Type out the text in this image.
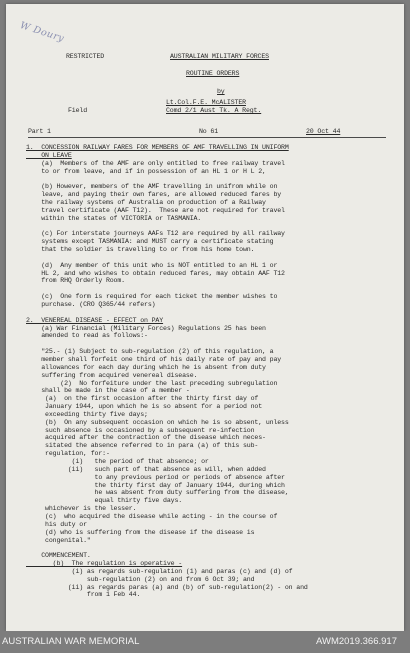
W Doury
RESTRICTED	AUSTRALIAN MILITARY FORCES
ROUTINE ORDERS
by
Lt.Col.F.E. McALISTER
Field	Comd 2/1 Aust Tk. A Regt.
Part 1	No 61	20 Oct 44
1.  CONCESSION RAILWAY FARES FOR MEMBERS OF AMF TRAVELLING IN UNIFORM
ON LEAVE
(a)  Members of the AMF are only entitled to free railway travel
to or from leave, and if in possession of an HL 1 or H L 2,
(b) However, members of the AMF travelling in unifrom while on
leave, and paying their own fares, are allowed reduced fares by
the railway systems of Australia on production of a Railway
travel certificate (AAF T12).  These are not required for travel
within the states of VICTORIA or TASMANIA.
(c) For interstate journeys AAFs T12 are required by all railway
systems except TASMANIA: and MUST carry a certificate stating
that the soldier is travelling to or from his home town.
(d)  Any member of this unit who is NOT entitled to an HL 1 or
HL 2, and who wishes to obtain reduced fares, may obtain AAF T12
from RHQ Orderly Room.
(c)  One form is required for each ticket the member wishes to
purchase. (CRO Q365/44 refers)
2.  VENEREAL DISEASE - EFFECT on PAY
(a) War Financial (Military Forces) Regulations 25 has been
amended to read as follows:-
"25.- (1) Subject to sub-regulation (2) of this regulation, a
member shall forfeit one third of his daily rate of pay and pay
allowances for each day during which he is absent from duty
suffering from acquired venereal disease.
(2)  No forfeiture under the last preceding subregulation
shall be made in the case of a member -
(a)  on the first occasion after the thirty first day of
January 1944, upon which he is so absent for a period not
exceeding thirty five days;
(b)  On any subsequent occasion on which he is so absent, unless
such absence is occasioned by a subsequent re-infection
acquired after the contraction of the disease which neces-
sitated the absence referred to in para (a) of this sub-
regulation, for:-
(i)   the period of that absence; or
(ii)   such part of that absence as will, when added
to any previous period or periods of absence after
the thirty first day of January 1944, during which
he was absent from duty suffering from the disease,
equal thirty five days.
whichever is the lesser.
(c)  who acquired the disease while acting - in the course of
his duty or
(d) who is suffering from the disease if the disease is
congenital."
COMMENCEMENT.
(b)  The regulation is operative -
(i) as regards sub-regulation (1) and paras (c) and (d) of
sub-regulation (2) on and from 6 Oct 39; and
(ii) as regards paras (a) and (b) of sub-regulation(2) - on and
from 1 Feb 44.
AUSTRALIAN WAR MEMORIAL	AWM2019.366.917
